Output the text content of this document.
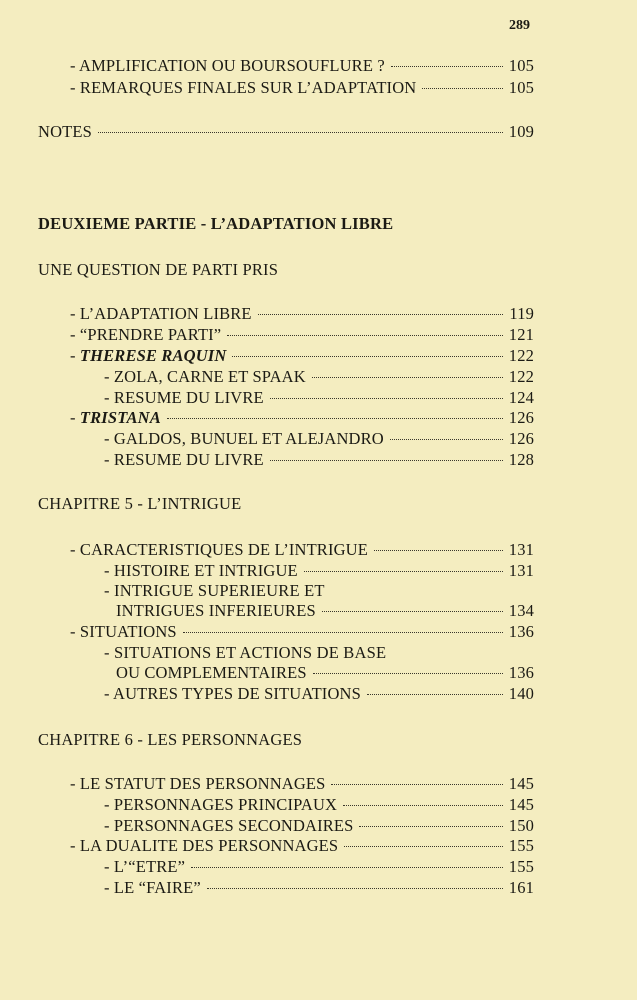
289
- AMPLIFICATION OU BOURSOUFLURE ?	105
- REMARQUES FINALES SUR L’ADAPTATION	105
NOTES	109
DEUXIEME PARTIE - L’ADAPTATION LIBRE
UNE QUESTION DE PARTI PRIS
- L’ADAPTATION LIBRE	119
- “PRENDRE PARTI”	121
- THERESE RAQUIN	122
- ZOLA, CARNE ET SPAAK	122
- RESUME DU LIVRE	124
- TRISTANA	126
- GALDOS, BUNUEL ET ALEJANDRO	126
- RESUME DU LIVRE	128
CHAPITRE 5 - L’INTRIGUE
- CARACTERISTIQUES DE L’INTRIGUE	131
- HISTOIRE ET INTRIGUE	131
- INTRIGUE SUPERIEURE ET
INTRIGUES INFERIEURES	134
- SITUATIONS	136
- SITUATIONS ET ACTIONS DE BASE
OU COMPLEMENTAIRES	136
- AUTRES TYPES DE SITUATIONS	140
CHAPITRE 6 - LES PERSONNAGES
- LE STATUT DES PERSONNAGES	145
- PERSONNAGES PRINCIPAUX	145
- PERSONNAGES SECONDAIRES	150
- LA DUALITE DES PERSONNAGES	155
- L’“ETRE”	155
- LE “FAIRE”	161
